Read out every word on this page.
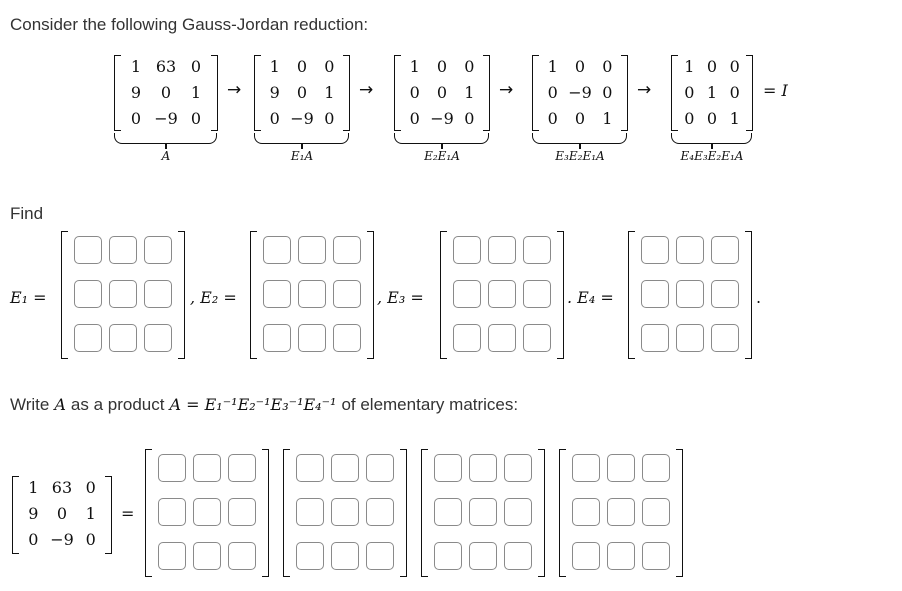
Consider the following Gauss-Jordan reduction:
1 63 0
9	0	1
0 −9 0
A
→
1	0	0
9	0	1
0 −9 0
E₁A
→
1	0	0
0	0	1
0 −9 0
E₂E₁A
→
1	0	0
0 −9 0
0	0	1
E₃E₂E₁A
→
1 0 0
0 1 0
0 0 1
E₄E₃E₂E₁A
= I
Find
E₁ =	, E₂ =	, E₃ =	. E₄ =	.
Write A as a product A = E₁⁻¹E₂⁻¹E₃⁻¹E₄⁻¹ of elementary matrices:
1 63 0
9	0	1
0 −9 0
=
